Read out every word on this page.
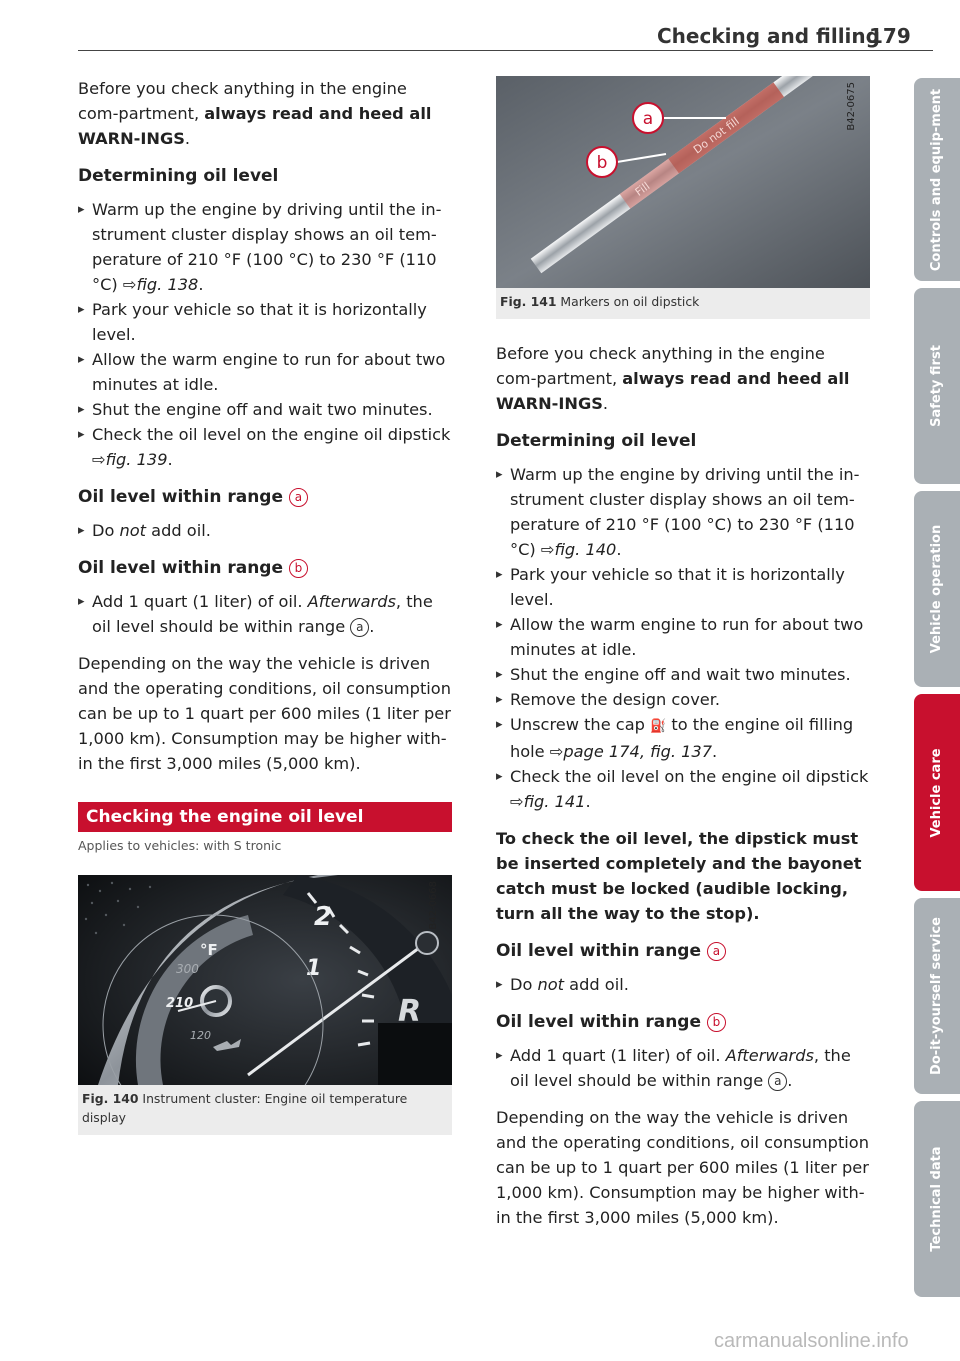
Checking and filling
179

Before you check anything in the engine com-partment, always read and heed all WARN-INGS.

Determining oil level
▸ Warm up the engine by driving until the in-strument cluster display shows an oil tem-perature of 210 °F (100 °C) to 230 °F (110 °C) ⇨fig. 138.
▸ Park your vehicle so that it is horizontally level.
▸ Allow the warm engine to run for about two minutes at idle.
▸ Shut the engine off and wait two minutes.
▸ Check the oil level on the engine oil dipstick ⇨fig. 139.
Oil level within range a
▸ Do not add oil.
Oil level within range b
▸ Add 1 quart (1 liter) of oil. Afterwards, the oil level should be within range a .

Depending on the way the vehicle is driven and the operating conditions, oil consumption can be up to 1 quart per 600 miles (1 liter per 1,000 km). Consumption may be higher with-in the first 3,000 miles (5,000 km).

Checking the engine oil level
Applies to vehicles: with S tronic
2
1
°F
300
210
120
R
B42-0668
Fig. 140 Instrument cluster: Engine oil temperature display
Do not fill
Fill
a
b
B42-0675
Fig. 141 Markers on oil dipstick

Before you check anything in the engine com-partment, always read and heed all WARN-INGS.

Determining oil level
▸ Warm up the engine by driving until the in-strument cluster display shows an oil tem-perature of 210 °F (100 °C) to 230 °F (110 °C) ⇨fig. 140.
▸ Park your vehicle so that it is horizontally level.
▸ Allow the warm engine to run for about two minutes at idle.
▸ Shut the engine off and wait two minutes.
▸ Remove the design cover.
▸ Unscrew the cap ⛽ to the engine oil filling hole ⇨page 174, fig. 137.
▸ Check the oil level on the engine oil dipstick ⇨fig. 141.

To check the oil level, the dipstick must be inserted completely and the bayonet catch must be locked (audible locking, turn all the way to the stop).

Oil level within range a
▸ Do not add oil.
Oil level within range b
▸ Add 1 quart (1 liter) of oil. Afterwards, the oil level should be within range a .

Depending on the way the vehicle is driven and the operating conditions, oil consumption can be up to 1 quart per 600 miles (1 liter per 1,000 km). Consumption may be higher with-in the first 3,000 miles (5,000 km).

Controls and equip-ment
Safety first
Vehicle operation
Vehicle care
Do-it-yourself service
Technical data
carmanualsonline.info
